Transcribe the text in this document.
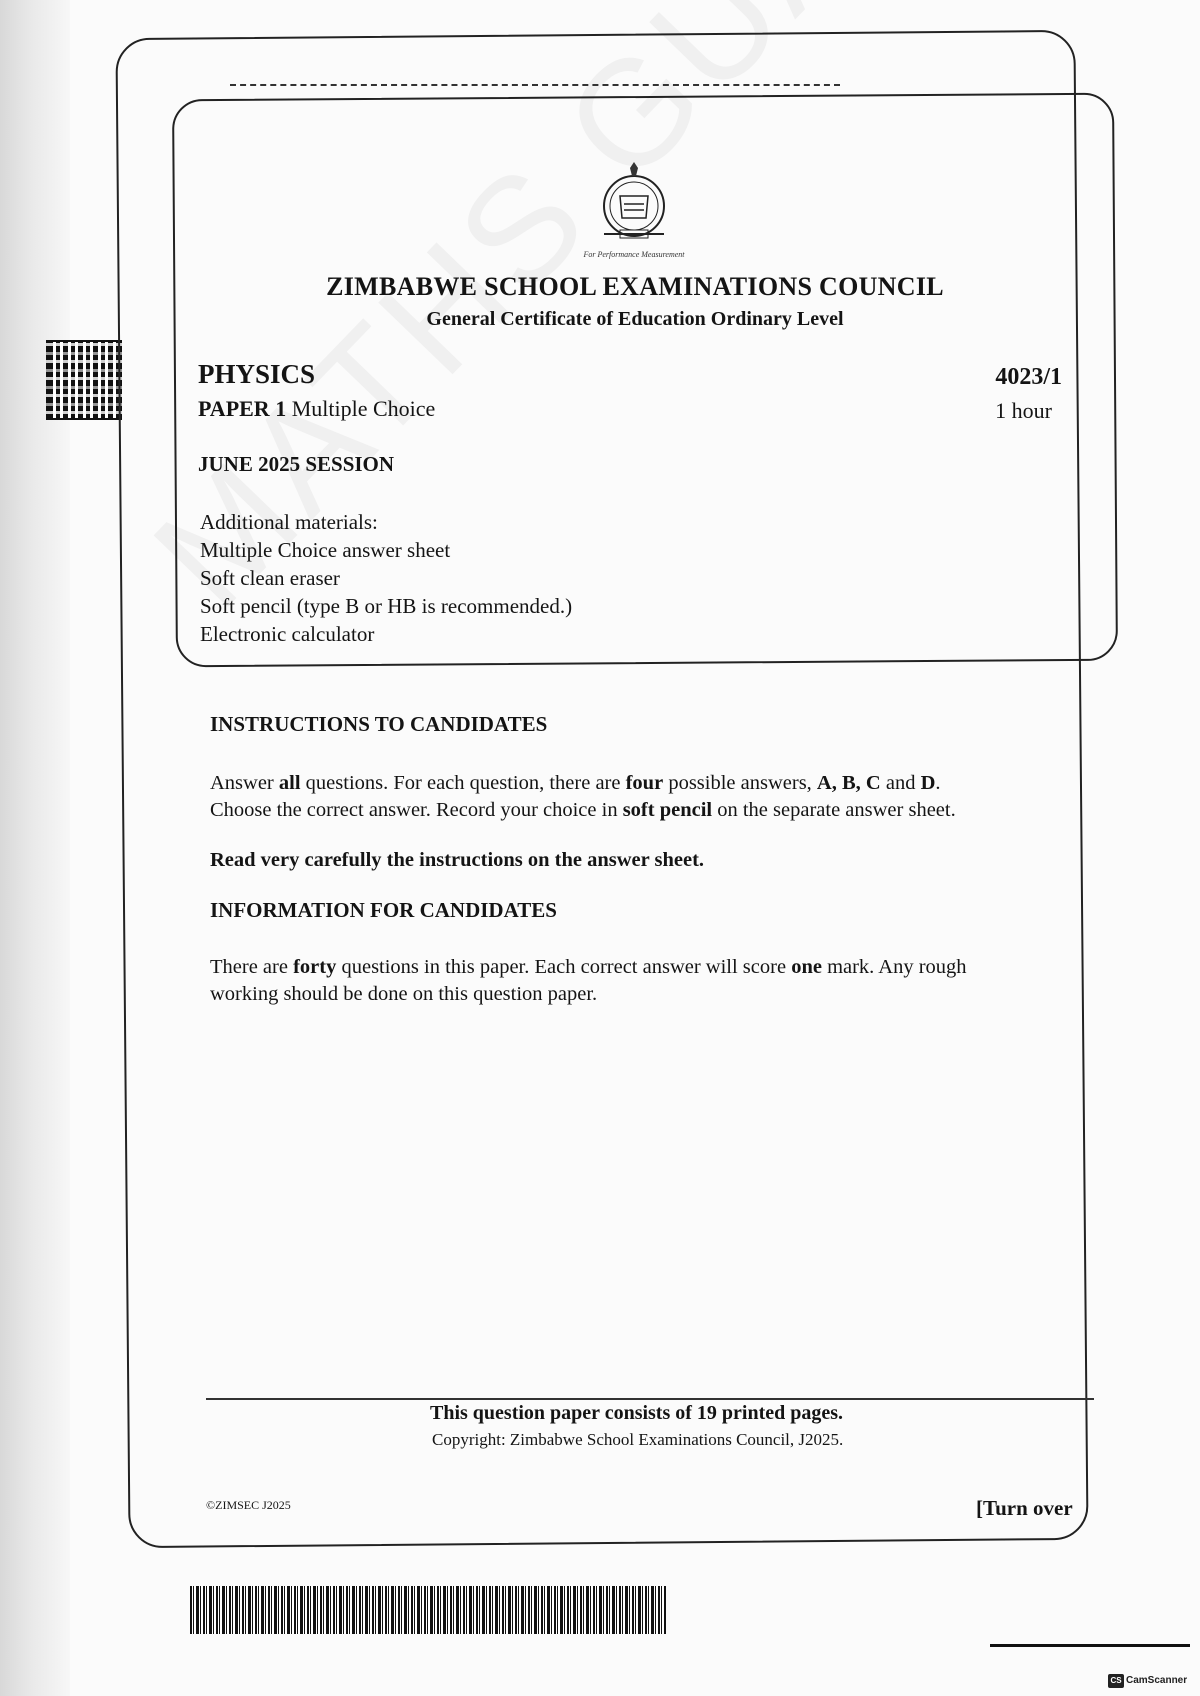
For Performance Measurement
ZIMBABWE SCHOOL EXAMINATIONS COUNCIL
General Certificate of Education Ordinary Level
PHYSICS
PAPER 1 Multiple Choice
4023/1
1 hour
JUNE 2025 SESSION
Additional materials:
Multiple Choice answer sheet
Soft clean eraser
Soft pencil (type B or HB is recommended.)
Electronic calculator
INSTRUCTIONS TO CANDIDATES
Answer all questions. For each question, there are four possible answers, A, B, C and D.
Choose the correct answer. Record your choice in soft pencil on the separate answer sheet.
Read very carefully the instructions on the answer sheet.
INFORMATION FOR CANDIDATES
There are forty questions in this paper. Each correct answer will score one mark. Any rough
working should be done on this question paper.
This question paper consists of 19 printed pages.
Copyright: Zimbabwe School Examinations Council, J2025.
©ZIMSEC J2025	[Turn over
CS CamScanner
